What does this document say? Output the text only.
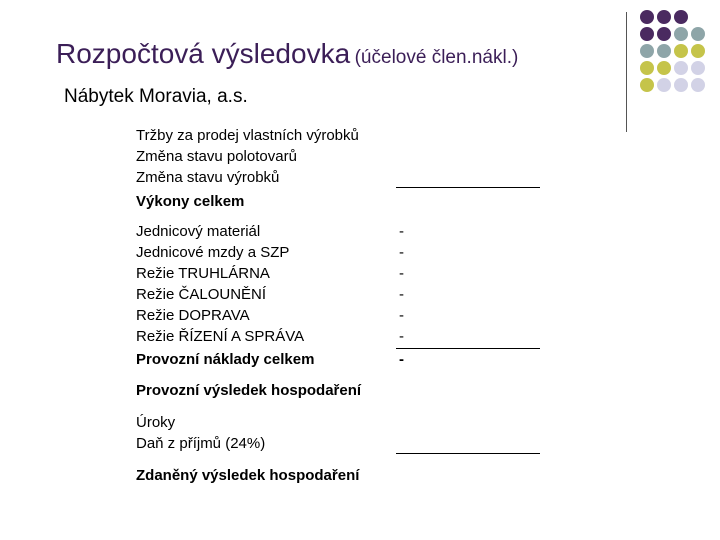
Rozpočtová výsledovka (účelové člen.nákl.)
Nábytek Moravia, a.s.
Tržby za prodej vlastních výrobků
Změna stavu polotovarů
Změna stavu výrobků
Výkony celkem
Jednicový materiál	-
Jednicové mzdy a SZP	-
Režie TRUHLÁRNA	-
Režie ČALOUNĚNÍ	-
Režie DOPRAVA	-
Režie ŘÍZENÍ A SPRÁVA	-
Provozní náklady celkem	-
Provozní výsledek hospodaření
Úroky
Daň z příjmů (24%)
Zdaněný výsledek hospodaření
